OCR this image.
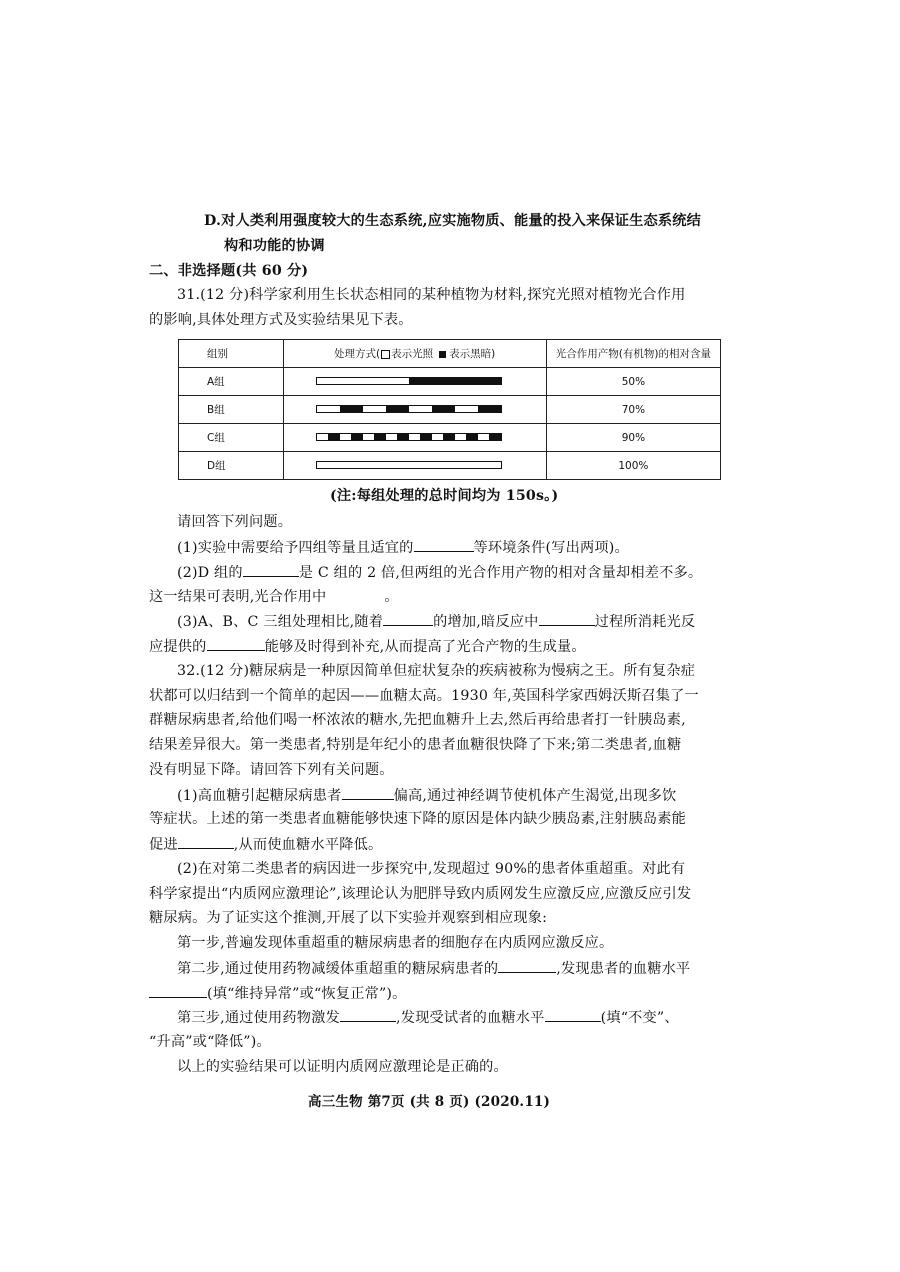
D.对人类利用强度较大的生态系统,应实施物质、能量的投入来保证生态系统结
构和功能的协调
二、非选择题(共 60 分)
31.(12 分)科学家利用生长状态相同的某种植物为材料,探究光照对植物光合作用
的影响,具体处理方式及实验结果见下表。
组别	处理方式( 表示光照 表示黑暗)	光合作用产物(有机物)的相对含量
A组		50%
B组		70%
C组		90%
D组		100%
(注:每组处理的总时间均为 150s。)
请回答下列问题。
(1)实验中需要给予四组等量且适宜的	等环境条件(写出两项)。
(2)D 组的	是 C 组的 2 倍,但两组的光合作用产物的相对含量却相差不多。
这一结果可表明,光合作用中	。
(3)A、B、C 三组处理相比,随着	的增加,暗反应中	过程所消耗光反
应提供的	能够及时得到补充,从而提高了光合产物的生成量。
32.(12 分)糖尿病是一种原因简单但症状复杂的疾病被称为慢病之王。所有复杂症
状都可以归结到一个简单的起因——血糖太高。1930 年,英国科学家西姆沃斯召集了一
群糖尿病患者,给他们喝一杯浓浓的糖水,先把血糖升上去,然后再给患者打一针胰岛素,
结果差异很大。第一类患者,特别是年纪小的患者血糖很快降了下来;第二类患者,血糖
没有明显下降。请回答下列有关问题。
(1)高血糖引起糖尿病患者	偏高,通过神经调节使机体产生渴觉,出现多饮
等症状。上述的第一类患者血糖能够快速下降的原因是体内缺少胰岛素,注射胰岛素能
促进	,从而使血糖水平降低。
(2)在对第二类患者的病因进一步探究中,发现超过 90%的患者体重超重。对此有
科学家提出“内质网应激理论”,该理论认为肥胖导致内质网发生应激反应,应激反应引发
糖尿病。为了证实这个推测,开展了以下实验并观察到相应现象:
第一步,普遍发现体重超重的糖尿病患者的细胞存在内质网应激反应。
第二步,通过使用药物减缓体重超重的糖尿病患者的	,发现患者的血糖水平
(填“维持异常”或“恢复正常”)。
第三步,通过使用药物激发	,发现受试者的血糖水平	(填“不变”、
“升高”或“降低”)。
以上的实验结果可以证明内质网应激理论是正确的。
高三生物 第7页 (共 8 页) (2020.11)
